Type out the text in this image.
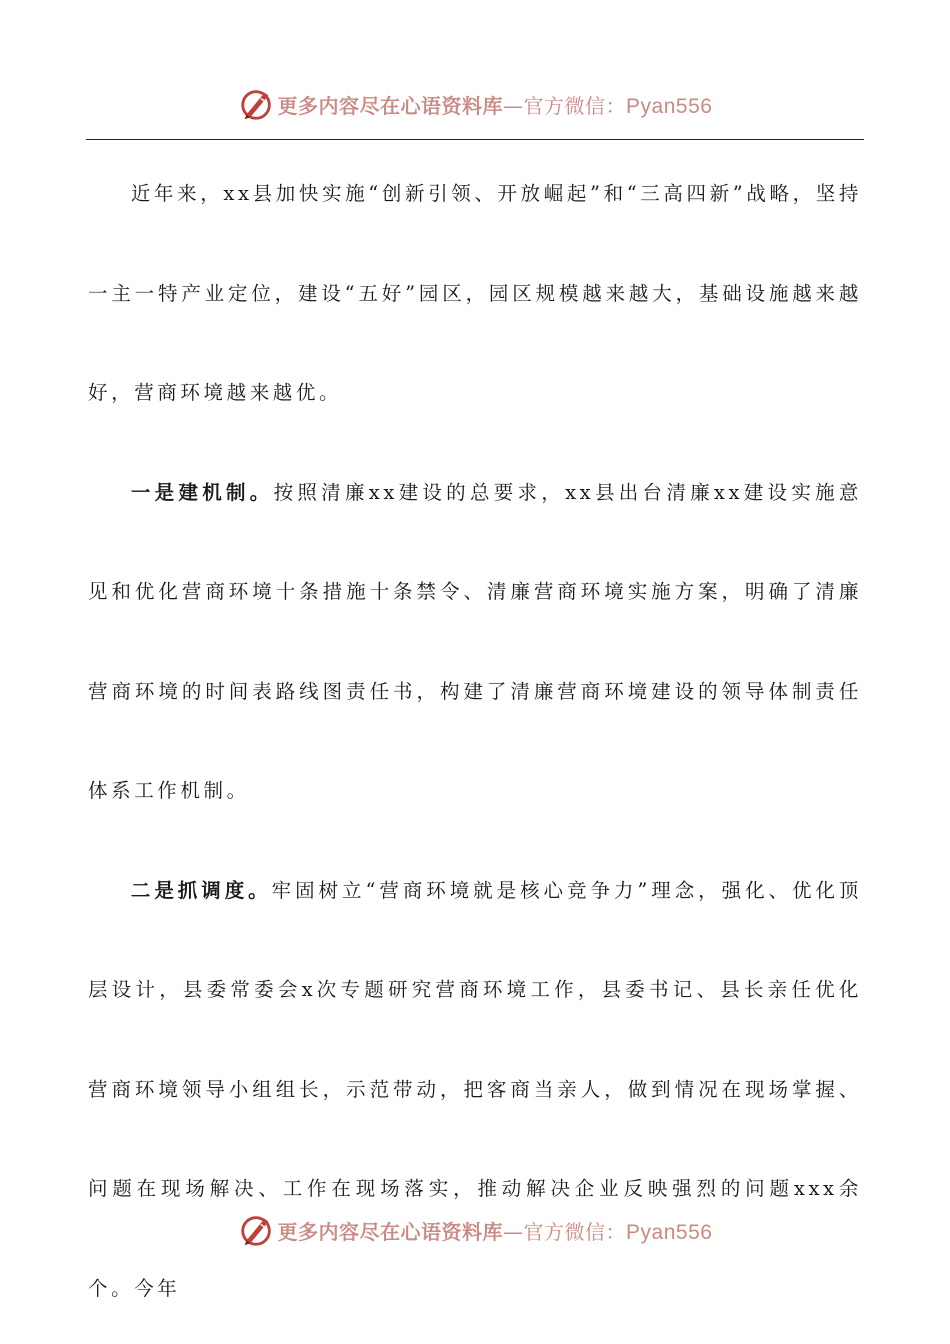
更多内容尽在心语资料库—官方微信：Pyan556

近年来，xx县加快实施“创新引领、开放崛起”和“三高四新”战略，坚持一主一特产业定位，建设“五好”园区，园区规模越来越大，基础设施越来越好，营商环境越来越优。

一是建机制。按照清廉xx建设的总要求，xx县出台清廉xx建设实施意见和优化营商环境十条措施十条禁令、清廉营商环境实施方案，明确了清廉营商环境的时间表路线图责任书，构建了清廉营商环境建设的领导体制责任体系工作机制。

二是抓调度。牢固树立“营商环境就是核心竞争力”理念，强化、优化顶层设计，县委常委会x次专题研究营商环境工作，县委书记、县长亲任优化营商环境领导小组组长，示范带动，把客商当亲人，做到情况在现场掌握、问题在现场解决、工作在现场落实，推动解决企业反映强烈的问题xxx余个。今年

更多内容尽在心语资料库—官方微信：Pyan556
